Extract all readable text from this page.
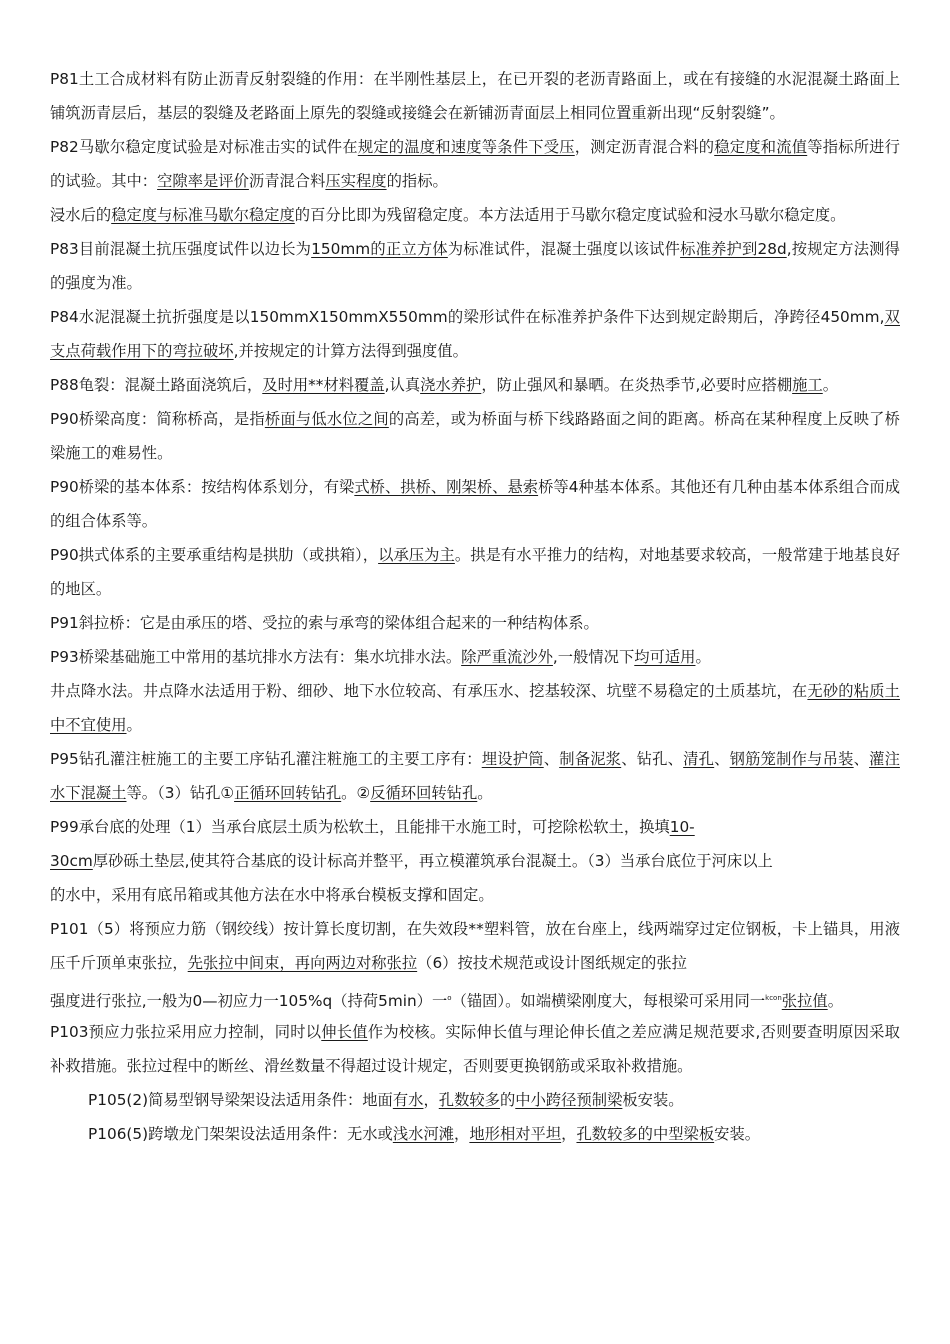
P81土工合成材料有防止沥青反射裂缝的作用：在半刚性基层上，在已开裂的老沥青路面上，或在有接缝的水泥混凝土路面上铺筑沥青层后，基层的裂缝及老路面上原先的裂缝或接缝会在新铺沥青面层上相同位置重新出现“反射裂缝”。

P82马歇尔稳定度试验是对标准击实的试件在规定的温度和速度等条件下受压，测定沥青混合料的稳定度和流值等指标所进行的试验。其中：空隙率是评价沥青混合料压实程度的指标。

浸水后的稳定度与标准马歇尔稳定度的百分比即为残留稳定度。本方法适用于马歇尔稳定度试验和浸水马歇尔稳定度。

P83目前混凝土抗压强度试件以边长为150mm的正立方体为标准试件，混凝土强度以该试件标准养护到28d,按规定方法测得的强度为准。

P84水泥混凝土抗折强度是以150mmX150mmX550mm的梁形试件在标准养护条件下达到规定龄期后，净跨径450mm,双支点荷载作用下的弯拉破坏,并按规定的计算方法得到强度值。

P88龟裂：混凝土路面浇筑后，及时用**材料覆盖,认真浇水养护，防止强风和暴晒。在炎热季节,必要时应搭棚施工。

P90桥梁高度：简称桥高，是指桥面与低水位之间的高差，或为桥面与桥下线路路面之间的距离。桥高在某种程度上反映了桥梁施工的难易性。

P90桥梁的基本体系：按结构体系划分，有梁式桥、拱桥、刚架桥、悬索桥等4种基本体系。其他还有几种由基本体系组合而成的组合体系等。

P90拱式体系的主要承重结构是拱肋（或拱箱），以承压为主。拱是有水平推力的结构，对地基要求较高，一般常建于地基良好的地区。

P91斜拉桥：它是由承压的塔、受拉的索与承弯的梁体组合起来的一种结构体系。

P93桥梁基础施工中常用的基坑排水方法有：集水坑排水法。除严重流沙外,一般情况下均可适用。

井点降水法。井点降水法适用于粉、细砂、地下水位较高、有承压水、挖基较深、坑壁不易稳定的土质基坑，在无砂的粘质土中不宜使用。

P95钻孔灌注桩施工的主要工序钻孔灌注粧施工的主要工序有：埋设护筒、制备泥浆、钻孔、清孔、钢筋笼制作与吊装、灌注水下混凝土等。（3）钻孔①正循环回转钻孔。②反循环回转钻孔。

P99承台底的处理（1）当承台底层土质为松软土，且能排干水施工时，可挖除松软土，换填10-

30cm厚砂砾土垫层,使其符合基底的设计标高并整平，再立模灌筑承台混凝土。（3）当承台底位于河床以上

的水中，采用有底吊箱或其他方法在水中将承台模板支撑和固定。

P101（5）将预应力筋（钢绞线）按计算长度切割，在失效段**塑料管，放在台座上，线两端穿过定位钢板，卡上锚具，用液压千斤顶单束张拉，先张拉中间束，再向两边对称张拉（6）按技术规范或设计图纸规定的张拉

强度进行张拉,一般为0—初应力一105%q（持荷5min）一$^o$（锚固）。如端横梁刚度大，每根梁可采用同一$^{kcon}$张拉值。

P103预应力张拉采用应力控制，同时以伸长值作为校核。实际伸长值与理论伸长值之差应满足规范要求,否则要查明原因采取补救措施。张拉过程中的断丝、滑丝数量不得超过设计规定，否则要更换钢筋或采取补救措施。

P105(2)简易型钢导梁架设法适用条件：地面有水，孔数较多的中小跨径预制梁板安装。

P106(5)跨墩龙门架架设法适用条件：无水或浅水河滩，地形相对平坦，孔数较多的中型梁板安装。
